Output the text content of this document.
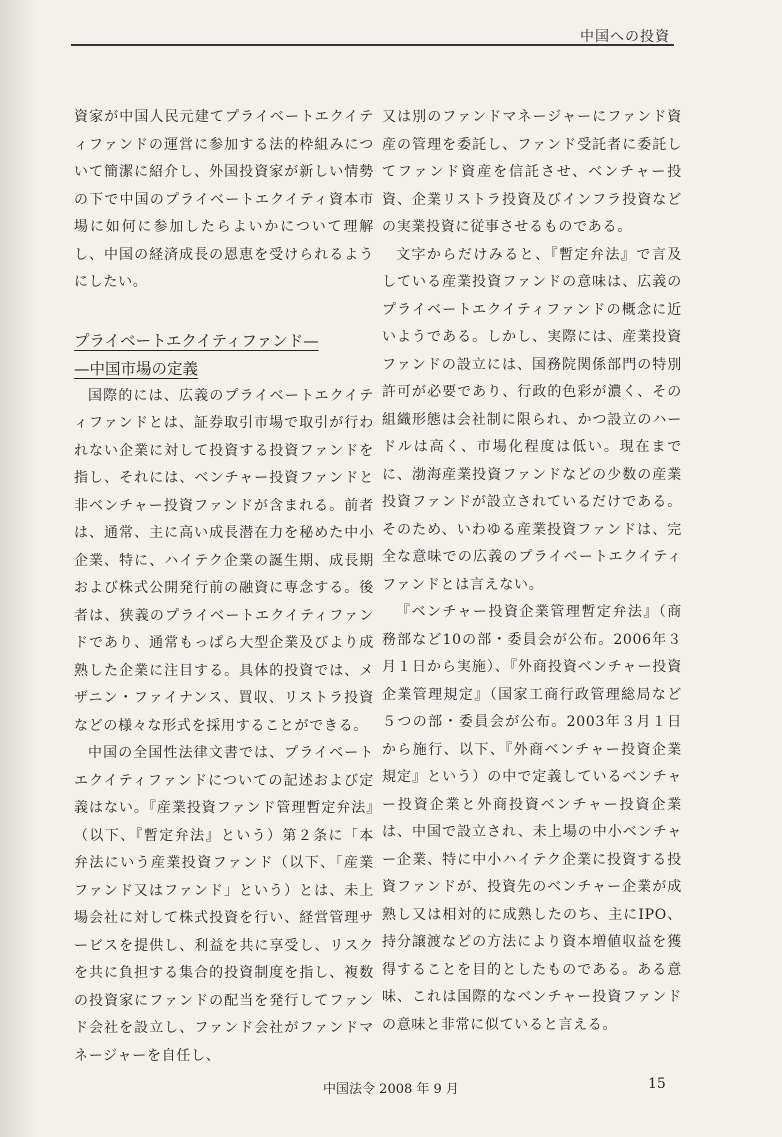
中国への投資

資家が中国人民元建てプライベートエクイティファンドの運営に参加する法的枠組みについて簡潔に紹介し、外国投資家が新しい情勢の下で中国のプライベートエクイティ資本市場に如何に参加したらよいかについて理解し、中国の経済成長の恩恵を受けられるようにしたい。

プライベートエクイティファンド—
—中国市場の定義

国際的には、広義のプライベートエクイティファンドとは、証券取引市場で取引が行われない企業に対して投資する投資ファンドを指し、それには、ベンチャー投資ファンドと非ベンチャー投資ファンドが含まれる。前者は、通常、主に高い成長潜在力を秘めた中小企業、特に、ハイテク企業の誕生期、成長期および株式公開発行前の融資に専念する。後者は、狭義のプライベートエクイティファンドであり、通常もっぱら大型企業及びより成熟した企業に注目する。具体的投資では、メザニン・ファイナンス、買収、リストラ投資などの様々な形式を採用することができる。

中国の全国性法律文書では、プライベートエクイティファンドについての記述および定義はない。『産業投資ファンド管理暫定弁法』（以下、『暫定弁法』という）第２条に「本弁法にいう産業投資ファンド（以下、「産業ファンド又はファンド」という）とは、未上場会社に対して株式投資を行い、経営管理サービスを提供し、利益を共に享受し、リスクを共に負担する集合的投資制度を指し、複数の投資家にファンドの配当を発行してファンド会社を設立し、ファンド会社がファンドマネージャーを自任し、

又は別のファンドマネージャーにファンド資産の管理を委託し、ファンド受託者に委託してファンド資産を信託させ、ベンチャー投資、企業リストラ投資及びインフラ投資などの実業投資に従事させるものである。

文字からだけみると、『暫定弁法』で言及している産業投資ファンドの意味は、広義のプライベートエクイティファンドの概念に近いようである。しかし、実際には、産業投資ファンドの設立には、国務院関係部門の特別許可が必要であり、行政的色彩が濃く、その組織形態は会社制に限られ、かつ設立のハードルは高く、市場化程度は低い。現在までに、渤海産業投資ファンドなどの少数の産業投資ファンドが設立されているだけである。そのため、いわゆる産業投資ファンドは、完全な意味での広義のプライベートエクイティファンドとは言えない。

『ベンチャー投資企業管理暫定弁法』（商務部など10の部・委員会が公布。2006年３月１日から実施）、『外商投資ベンチャー投資企業管理規定』（国家工商行政管理総局など５つの部・委員会が公布。2003年３月１日から施行、以下、『外商ベンチャー投資企業規定』という）の中で定義しているベンチャー投資企業と外商投資ベンチャー投資企業は、中国で設立され、未上場の中小ベンチャー企業、特に中小ハイテク企業に投資する投資ファンドが、投資先のベンチャー企業が成熟し又は相対的に成熟したのち、主にIPO、持分譲渡などの方法により資本増値収益を獲得することを目的としたものである。ある意味、これは国際的なベンチャー投資ファンドの意味と非常に似ていると言える。

中国法令 2008 年 9 月	15
